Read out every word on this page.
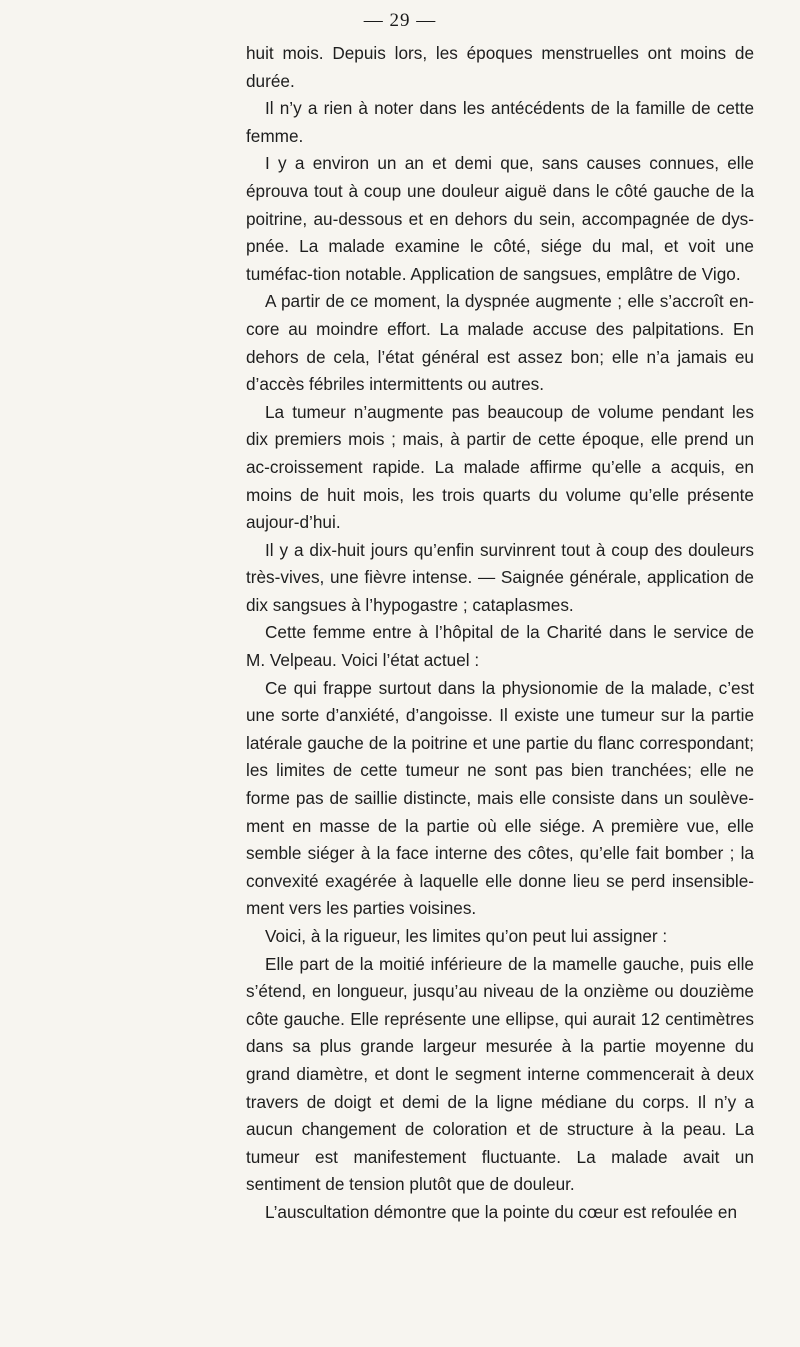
— 29 —

huit mois. Depuis lors, les époques menstruelles ont moins de durée.

Il n’y a rien à noter dans les antécédents de la famille de cette femme.

I y a environ un an et demi que, sans causes connues, elle éprouva tout à coup une douleur aiguë dans le côté gauche de la poitrine, au-dessous et en dehors du sein, accompagnée de dys-pnée. La malade examine le côté, siége du mal, et voit une tuméfac-tion notable. Application de sangsues, emplâtre de Vigo.

A partir de ce moment, la dyspnée augmente ; elle s’accroît en-core au moindre effort. La malade accuse des palpitations. En dehors de cela, l’état général est assez bon; elle n’a jamais eu d’accès fébriles intermittents ou autres.

La tumeur n’augmente pas beaucoup de volume pendant les dix premiers mois ; mais, à partir de cette époque, elle prend un ac-croissement rapide. La malade affirme qu’elle a acquis, en moins de huit mois, les trois quarts du volume qu’elle présente aujour-d’hui.

Il y a dix-huit jours qu’enfin survinrent tout à coup des douleurs très-vives, une fièvre intense. — Saignée générale, application de dix sangsues à l’hypogastre ; cataplasmes.

Cette femme entre à l’hôpital de la Charité dans le service de M. Velpeau. Voici l’état actuel :

Ce qui frappe surtout dans la physionomie de la malade, c’est une sorte d’anxiété, d’angoisse. Il existe une tumeur sur la partie latérale gauche de la poitrine et une partie du flanc correspondant; les limites de cette tumeur ne sont pas bien tranchées; elle ne forme pas de saillie distincte, mais elle consiste dans un soulève-ment en masse de la partie où elle siége. A première vue, elle semble siéger à la face interne des côtes, qu’elle fait bomber ; la convexité exagérée à laquelle elle donne lieu se perd insensible-ment vers les parties voisines.

Voici, à la rigueur, les limites qu’on peut lui assigner :

Elle part de la moitié inférieure de la mamelle gauche, puis elle s’étend, en longueur, jusqu’au niveau de la onzième ou douzième côte gauche. Elle représente une ellipse, qui aurait 12 centimètres dans sa plus grande largeur mesurée à la partie moyenne du grand diamètre, et dont le segment interne commencerait à deux travers de doigt et demi de la ligne médiane du corps. Il n’y a aucun changement de coloration et de structure à la peau. La tumeur est manifestement fluctuante. La malade avait un sentiment de tension plutôt que de douleur.

L’auscultation démontre que la pointe du cœur est refoulée en
